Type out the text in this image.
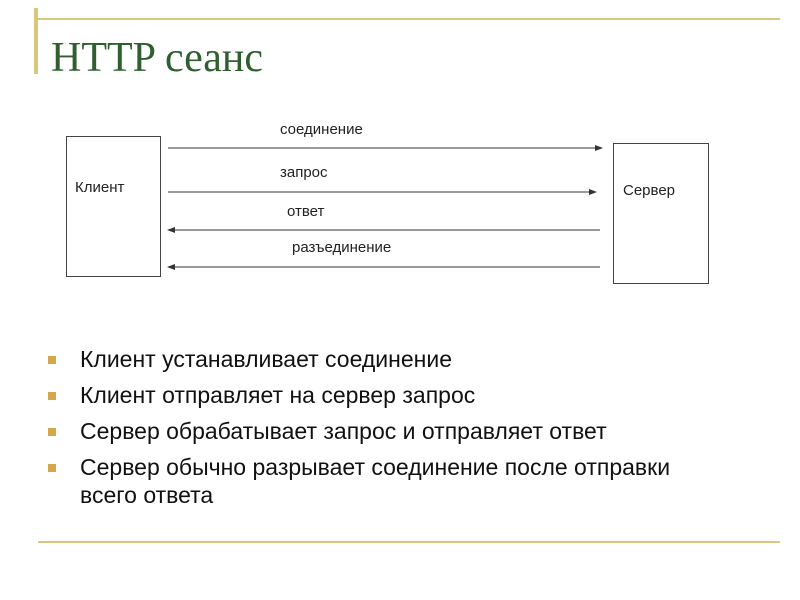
HTTP сеанс
Клиент	Сервер
соединение
запрос
ответ
разъединение
Клиент устанавливает соединение
Клиент отправляет на сервер запрос
Сервер обрабатывает запрос и отправляет ответ
Сервер обычно разрывает соединение после отправки всего ответа
